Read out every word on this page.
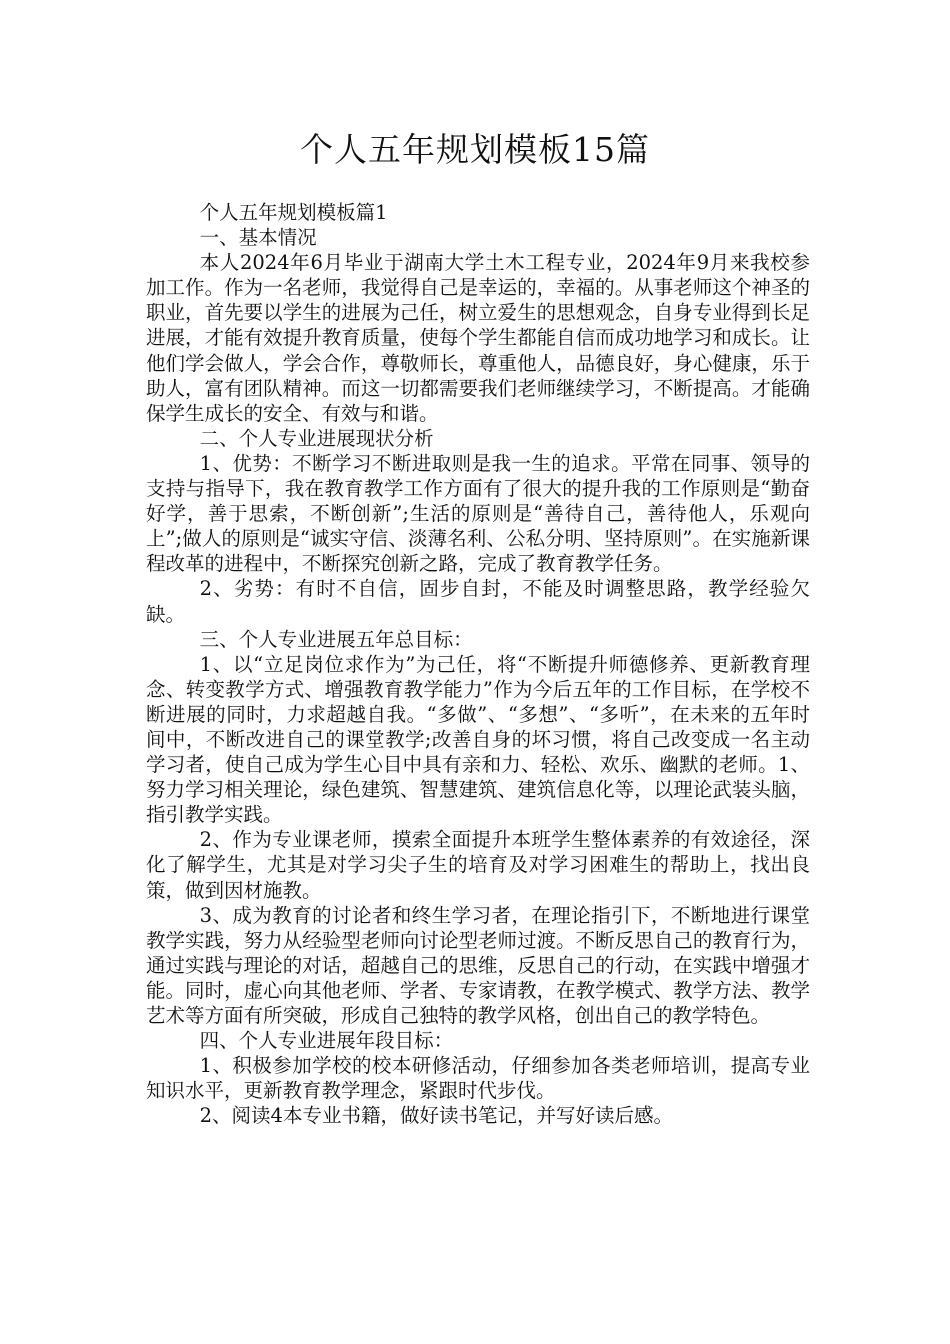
个人五年规划模板15篇

个人五年规划模板篇1

一、基本情况

本人2024年6月毕业于湖南大学土木工程专业，2024年9月来我校参加工作。作为一名老师，我觉得自己是幸运的，幸福的。从事老师这个神圣的职业，首先要以学生的进展为己任，树立爱生的思想观念，自身专业得到长足进展，才能有效提升教育质量，使每个学生都能自信而成功地学习和成长。让他们学会做人，学会合作，尊敬师长，尊重他人，品德良好，身心健康，乐于助人，富有团队精神。而这一切都需要我们老师继续学习，不断提高。才能确保学生成长的安全、有效与和谐。

二、个人专业进展现状分析

1、优势：不断学习不断进取则是我一生的追求。平常在同事、领导的支持与指导下，我在教育教学工作方面有了很大的提升我的工作原则是“勤奋好学，善于思索，不断创新”;生活的原则是“善待自己，善待他人，乐观向上”;做人的原则是“诚实守信、淡薄名利、公私分明、坚持原则”。在实施新课程改革的进程中，不断探究创新之路，完成了教育教学任务。

2、劣势：有时不自信，固步自封，不能及时调整思路，教学经验欠缺。

三、个人专业进展五年总目标：

1、以“立足岗位求作为”为己任，将“不断提升师德修养、更新教育理念、转变教学方式、增强教育教学能力”作为今后五年的工作目标，在学校不断进展的同时，力求超越自我。“多做”、“多想”、“多听”，在未来的五年时间中，不断改进自己的课堂教学;改善自身的坏习惯，将自己改变成一名主动学习者，使自己成为学生心目中具有亲和力、轻松、欢乐、幽默的老师。1、努力学习相关理论，绿色建筑、智慧建筑、建筑信息化等，以理论武装头脑，指引教学实践。

2、作为专业课老师，摸索全面提升本班学生整体素养的有效途径，深化了解学生，尤其是对学习尖子生的培育及对学习困难生的帮助上，找出良策，做到因材施教。

3、成为教育的讨论者和终生学习者，在理论指引下，不断地进行课堂教学实践，努力从经验型老师向讨论型老师过渡。不断反思自己的教育行为，通过实践与理论的对话，超越自己的思维，反思自己的行动，在实践中增强才能。同时，虚心向其他老师、学者、专家请教，在教学模式、教学方法、教学艺术等方面有所突破，形成自己独特的教学风格，创出自己的教学特色。

四、个人专业进展年段目标：

1、积极参加学校的校本研修活动，仔细参加各类老师培训，提高专业知识水平，更新教育教学理念，紧跟时代步伐。

2、阅读4本专业书籍，做好读书笔记，并写好读后感。
